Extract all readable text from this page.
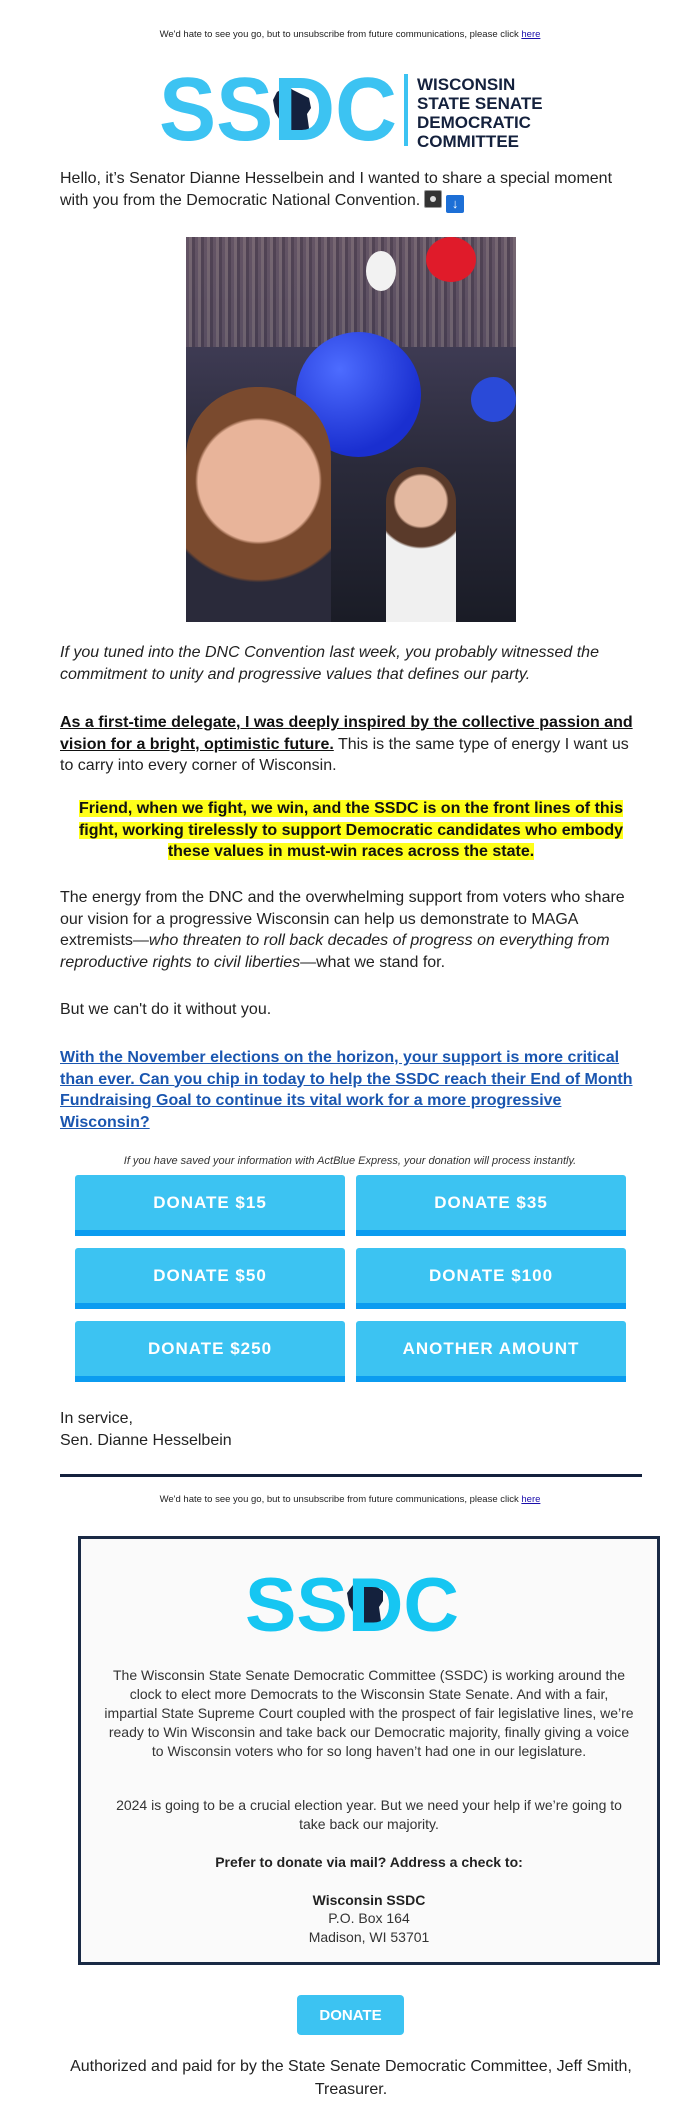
We'd hate to see you go, but to unsubscribe from future communications, please click here
SSDC WISCONSIN
STATE SENATE
DEMOCRATIC
COMMITTEE
Hello, it’s Senator Dianne Hesselbein and I wanted to share a special moment with you from the Democratic National Convention. ↓
If you tuned into the DNC Convention last week, you probably witnessed the commitment to unity and progressive values that defines our party.
As a first-time delegate, I was deeply inspired by the collective passion and vision for a bright, optimistic future. This is the same type of energy I want us to carry into every corner of Wisconsin.
Friend, when we fight, we win, and the SSDC is on the front lines of this fight, working tirelessly to support Democratic candidates who embody these values in must-win races across the state.
The energy from the DNC and the overwhelming support from voters who share our vision for a progressive Wisconsin can help us demonstrate to MAGA extremists—who threaten to roll back decades of progress on everything from reproductive rights to civil liberties—what we stand for.
But we can't do it without you.
With the November elections on the horizon, your support is more critical than ever. Can you chip in today to help the SSDC reach their End of Month Fundraising Goal to continue its vital work for a more progressive Wisconsin?
If you have saved your information with ActBlue Express, your donation will process instantly.
DONATE $15	DONATE $35
DONATE $50	DONATE $100
DONATE $250	ANOTHER AMOUNT
In service,
Sen. Dianne Hesselbein
We'd hate to see you go, but to unsubscribe from future communications, please click here
SSDC
The Wisconsin State Senate Democratic Committee (SSDC) is working around the clock to elect more Democrats to the Wisconsin State Senate. And with a fair, impartial State Supreme Court coupled with the prospect of fair legislative lines, we’re ready to Win Wisconsin and take back our Democratic majority, finally giving a voice to Wisconsin voters who for so long haven’t had one in our legislature.
2024 is going to be a crucial election year. But we need your help if we’re going to take back our majority.
Prefer to donate via mail? Address a check to:
Wisconsin SSDC
P.O. Box 164
Madison, WI 53701
DONATE
Authorized and paid for by the State Senate Democratic Committee, Jeff Smith, Treasurer.
